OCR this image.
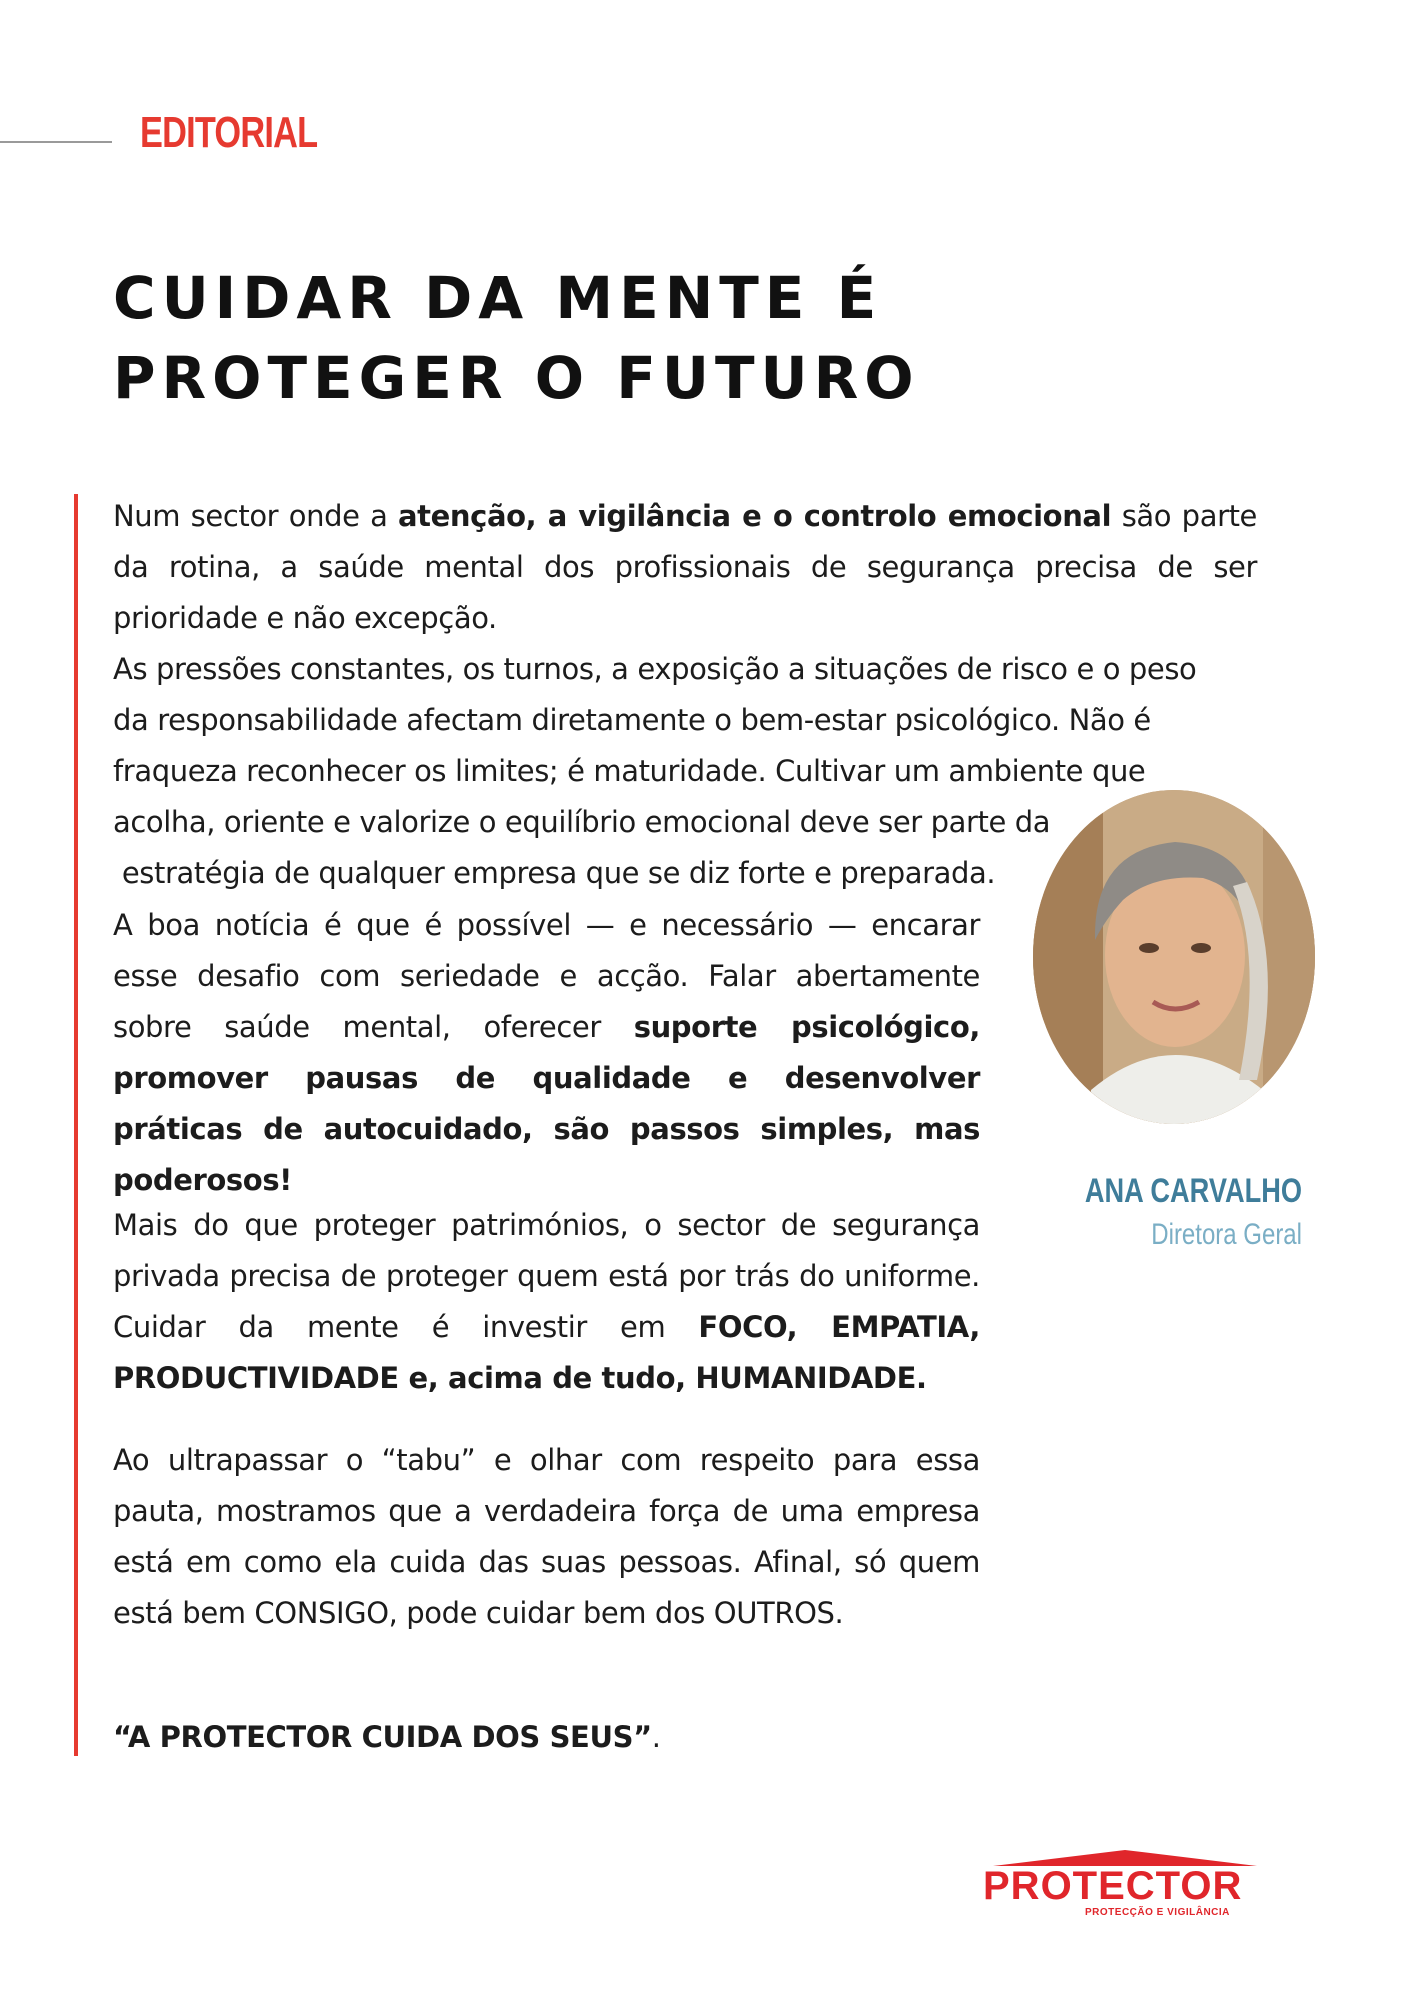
EDITORIAL
CUIDAR DA MENTE É
PROTEGER O FUTURO

Num sector onde a atenção, a vigilância e o controlo emocional são parte da rotina, a saúde mental dos profissionais de segurança precisa de ser prioridade e não excepção.

As pressões constantes, os turnos, a exposição a situações de risco e o peso
da responsabilidade afectam diretamente o bem-estar psicológico. Não é
fraqueza reconhecer os limites; é maturidade. Cultivar um ambiente que
acolha, oriente e valorize o equilíbrio emocional deve ser parte da
estratégia de qualquer empresa que se diz forte e preparada.

A boa notícia é que é possível — e necessário — encarar esse desafio com seriedade e acção. Falar abertamente sobre saúde mental, oferecer suporte psicológico, promover pausas de qualidade e desenvolver práticas de autocuidado, são passos simples, mas poderosos!

Mais do que proteger patrimónios, o sector de segurança privada precisa de proteger quem está por trás do uniforme. Cuidar da mente é investir em FOCO, EMPATIA, PRODUCTIVIDADE e, acima de tudo, HUMANIDADE.

Ao ultrapassar o “tabu” e olhar com respeito para essa pauta, mostramos que a verdadeira força de uma empresa está em como ela cuida das suas pessoas. Afinal, só quem está bem CONSIGO, pode cuidar bem dos OUTROS.

“A PROTECTOR CUIDA DOS SEUS”.

ANA CARVALHO
Diretora Geral
PROTECTOR
PROTECÇÃO E VIGILÂNCIA
